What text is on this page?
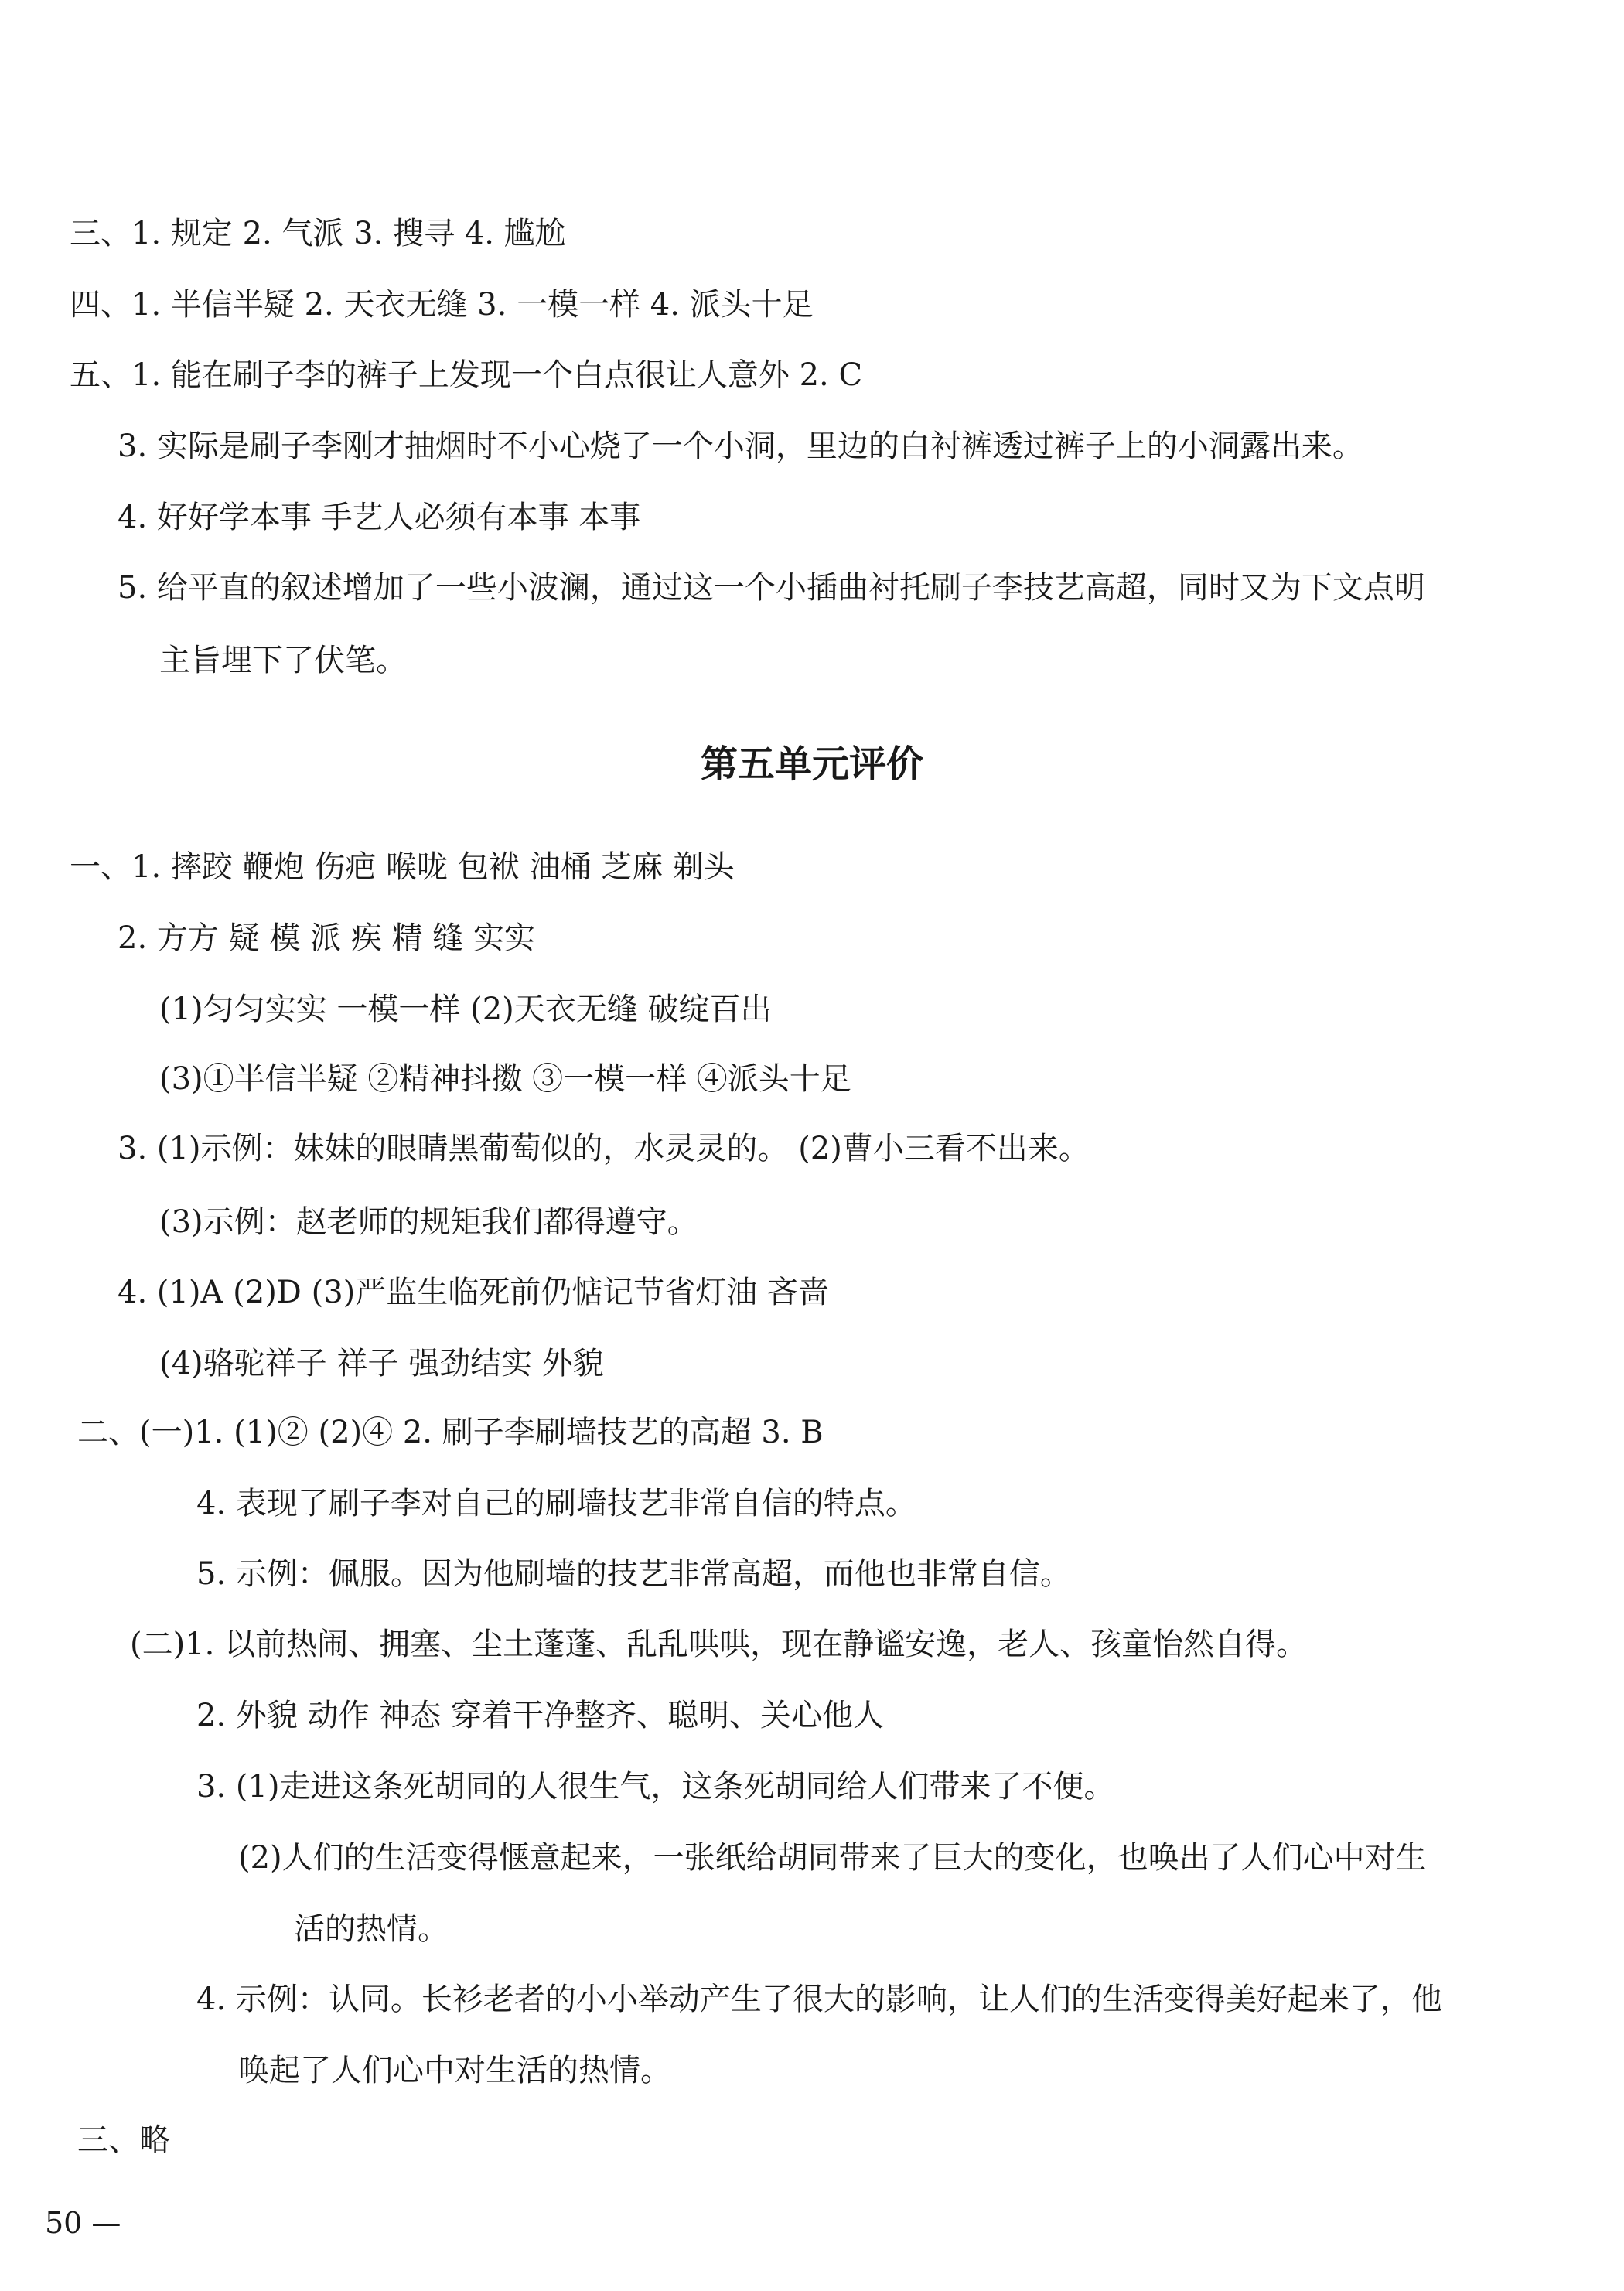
三、1. 规定 2. 气派 3. 搜寻 4. 尴尬
四、1. 半信半疑 2. 天衣无缝 3. 一模一样 4. 派头十足
五、1. 能在刷子李的裤子上发现一个白点很让人意外 2. C
3. 实际是刷子李刚才抽烟时不小心烧了一个小洞，里边的白衬裤透过裤子上的小洞露出来。
4. 好好学本事 手艺人必须有本事 本事
5. 给平直的叙述增加了一些小波澜，通过这一个小插曲衬托刷子李技艺高超，同时又为下文点明
主旨埋下了伏笔。
第五单元评价
一、1. 摔跤 鞭炮 伤疤 喉咙 包袱 油桶 芝麻 剃头
2. 方方 疑 模 派 疾 精 缝 实实
(1)匀匀实实 一模一样 (2)天衣无缝 破绽百出
(3)①半信半疑 ②精神抖擞 ③一模一样 ④派头十足
3. (1)示例：妹妹的眼睛黑葡萄似的，水灵灵的。 (2)曹小三看不出来。
(3)示例：赵老师的规矩我们都得遵守。
4. (1)A (2)D (3)严监生临死前仍惦记节省灯油 吝啬
(4)骆驼祥子 祥子 强劲结实 外貌
二、(一)1. (1)② (2)④ 2. 刷子李刷墙技艺的高超 3. B
4. 表现了刷子李对自己的刷墙技艺非常自信的特点。
5. 示例：佩服。因为他刷墙的技艺非常高超，而他也非常自信。
(二)1. 以前热闹、拥塞、尘土蓬蓬、乱乱哄哄，现在静谧安逸，老人、孩童怡然自得。
2. 外貌 动作 神态 穿着干净整齐、聪明、关心他人
3. (1)走进这条死胡同的人很生气，这条死胡同给人们带来了不便。
(2)人们的生活变得惬意起来，一张纸给胡同带来了巨大的变化，也唤出了人们心中对生
活的热情。
4. 示例：认同。长衫老者的小小举动产生了很大的影响，让人们的生活变得美好起来了，他
唤起了人们心中对生活的热情。
三、略
50 —
